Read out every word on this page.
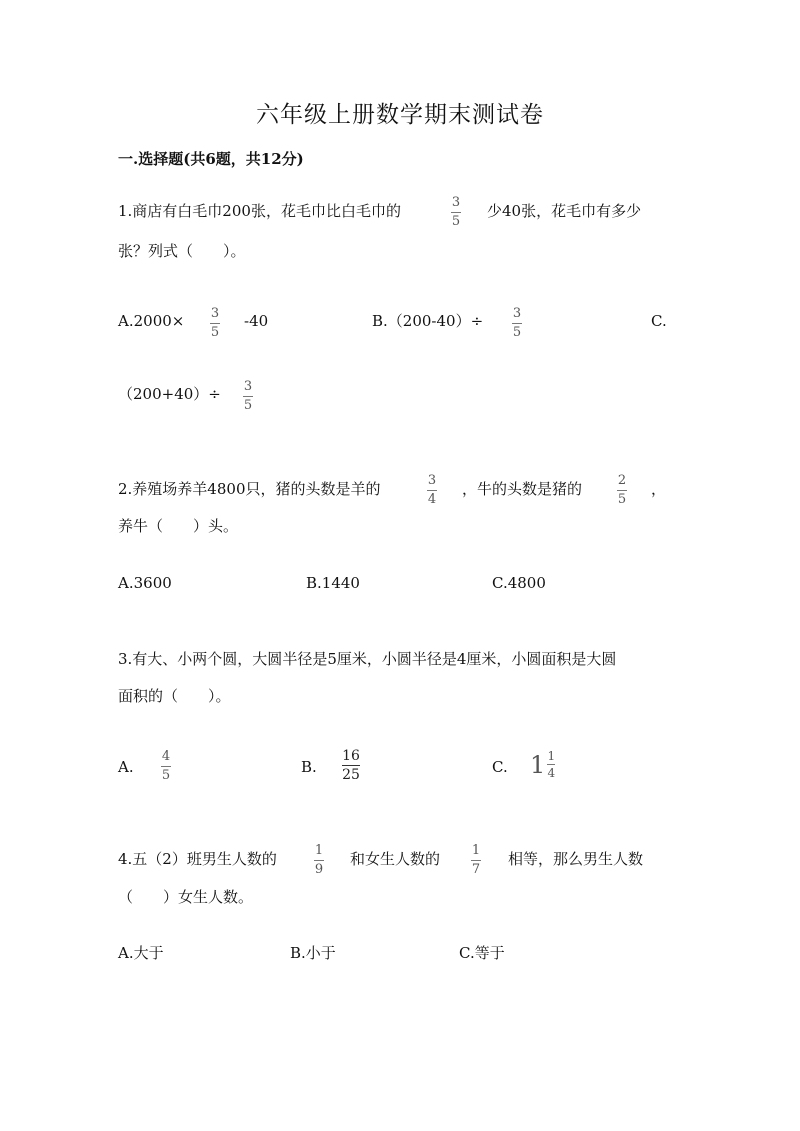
六年级上册数学期末测试卷
一.选择题(共6题，共12分)
1.商店有白毛巾200张，花毛巾比白毛巾的	3
5
少40张，花毛巾有多少
张？列式（　　）。
A.2000× 3
5
-40	B.（200-40）÷ 3
5
C.
（200+40）÷ 3
5
2.养殖场养羊4800只，猪的头数是羊的	3
4
，牛的头数是猪的	2
5
，
养牛（　　）头。
A.3600	B.1440	C.4800
3.有大、小两个圆，大圆半径是5厘米，小圆半径是4厘米，小圆面积是大圆
面积的（　　）。
A.
4
5	B.
16
25	C. $1 \frac{1}{4}$
4.五（2）班男生人数的	1
9
和女生人数的 1
7
相等，那么男生人数
（　　）女生人数。
A.大于	B.小于	C.等于
